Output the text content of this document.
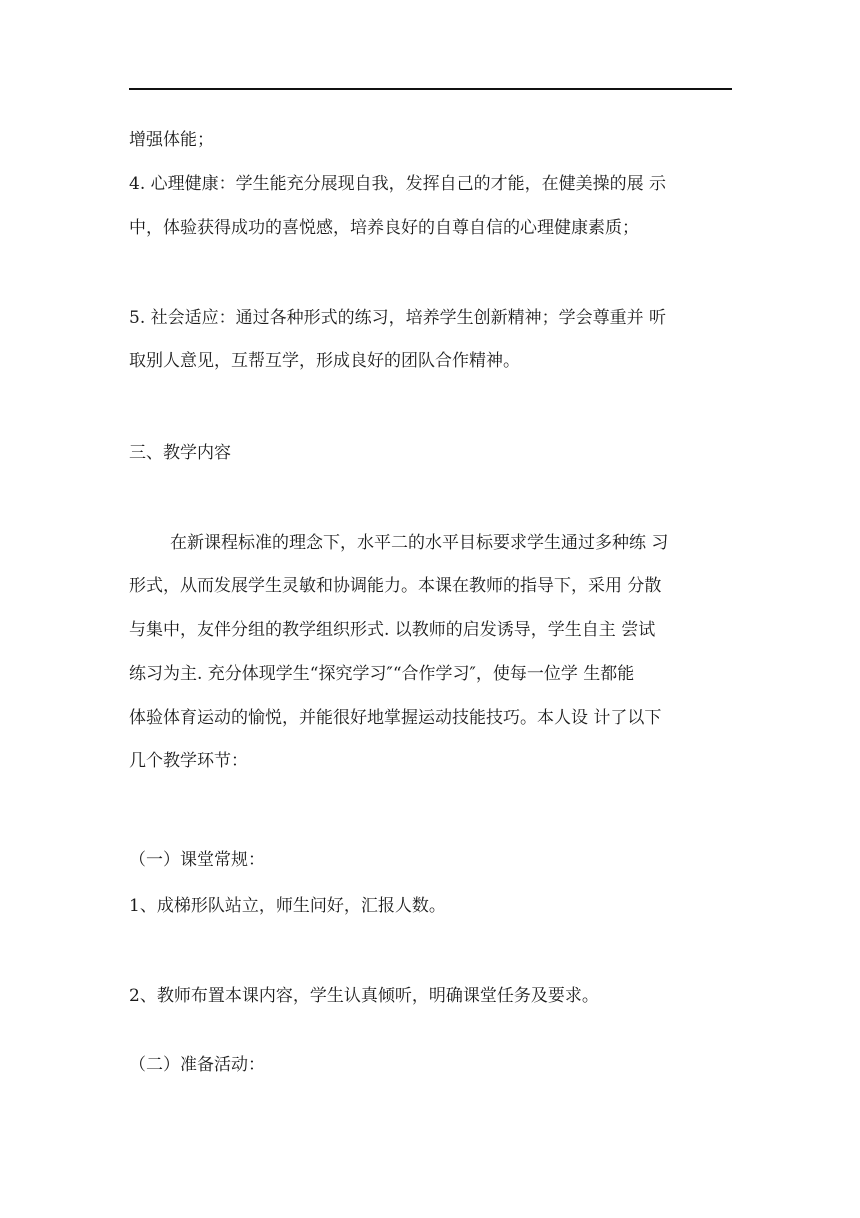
增强体能；
4. 心理健康：学生能充分展现自我，发挥自己的才能，在健美操的展 示
中，体验获得成功的喜悦感，培养良好的自尊自信的心理健康素质；
5. 社会适应：通过各种形式的练习，培养学生创新精神；学会尊重并 听
取别人意见，互帮互学，形成良好的团队合作精神。
三、教学内容
在新课程标准的理念下，水平二的水平目标要求学生通过多种练 习
形式，从而发展学生灵敏和协调能力。本课在教师的指导下，采用 分散
与集中，友伴分组的教学组织形式. 以教师的启发诱导，学生自主 尝试
练习为主. 充分体现学生“探究学习″“合作学习″，使每一位学 生都能
体验体育运动的愉悦，并能很好地掌握运动技能技巧。本人设 计了以下
几个教学环节：
（一）课堂常规：
1、成梯形队站立，师生问好，汇报人数。
2、教师布置本课内容，学生认真倾听，明确课堂任务及要求。
（二）准备活动：
